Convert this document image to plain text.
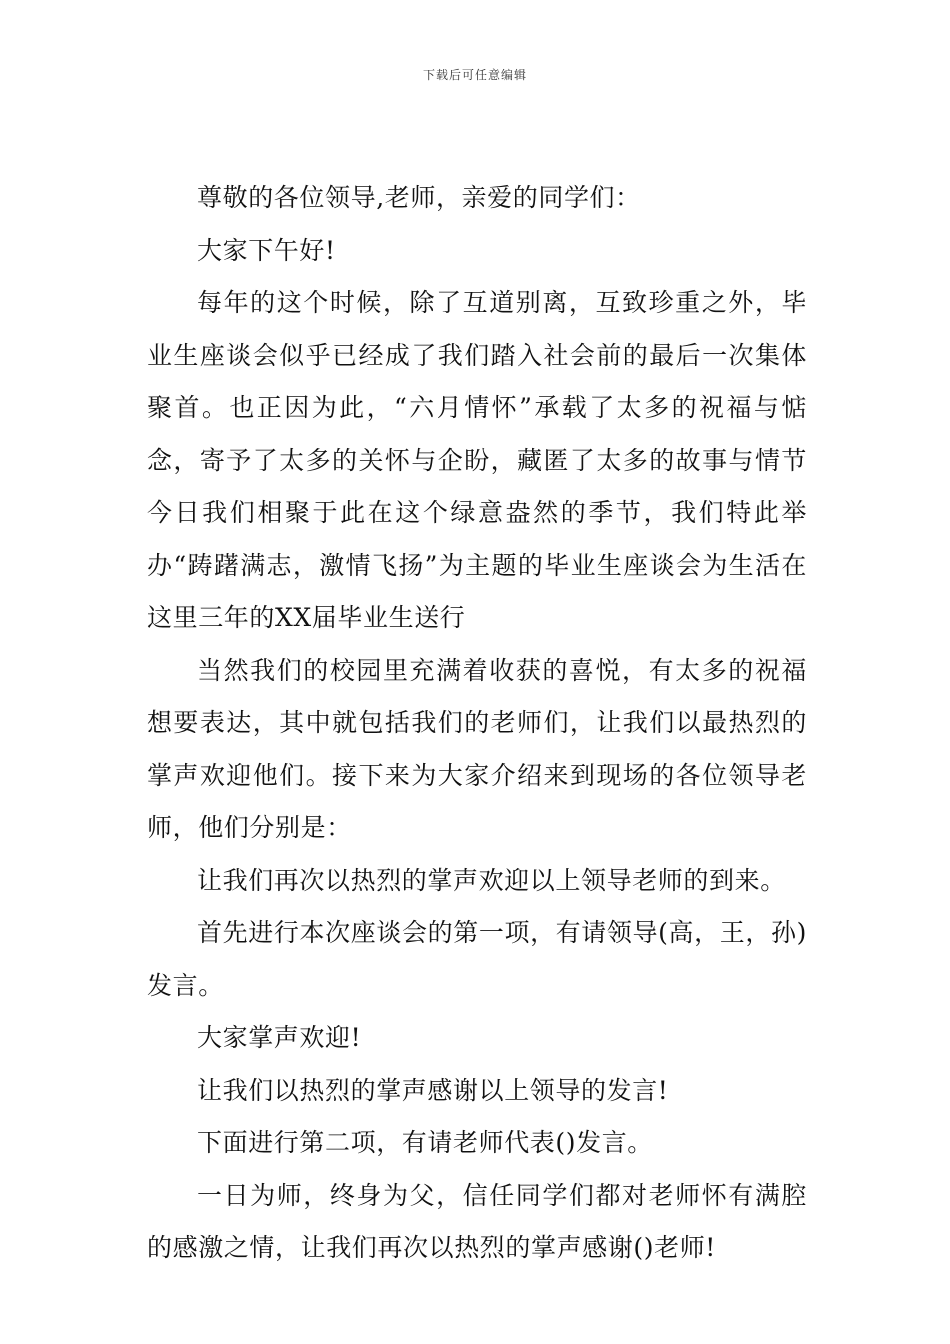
下载后可任意编辑

尊敬的各位领导,老师，亲爱的同学们：

大家下午好!

每年的这个时候，除了互道别离，互致珍重之外，毕业生座谈会似乎已经成了我们踏入社会前的最后一次集体聚首。也正因为此，“六月情怀”承载了太多的祝福与惦念，寄予了太多的关怀与企盼，藏匿了太多的故事与情节今日我们相聚于此在这个绿意盎然的季节，我们特此举办“踌躇满志，激情飞扬”为主题的毕业生座谈会为生活在这里三年的XX届毕业生送行

当然我们的校园里充满着收获的喜悦，有太多的祝福想要表达，其中就包括我们的老师们，让我们以最热烈的掌声欢迎他们。接下来为大家介绍来到现场的各位领导老师，他们分别是：

让我们再次以热烈的掌声欢迎以上领导老师的到来。

首先进行本次座谈会的第一项，有请领导(高，王，孙)发言。

大家掌声欢迎!

让我们以热烈的掌声感谢以上领导的发言!

下面进行第二项，有请老师代表()发言。

一日为师，终身为父，信任同学们都对老师怀有满腔的感激之情，让我们再次以热烈的掌声感谢()老师!
